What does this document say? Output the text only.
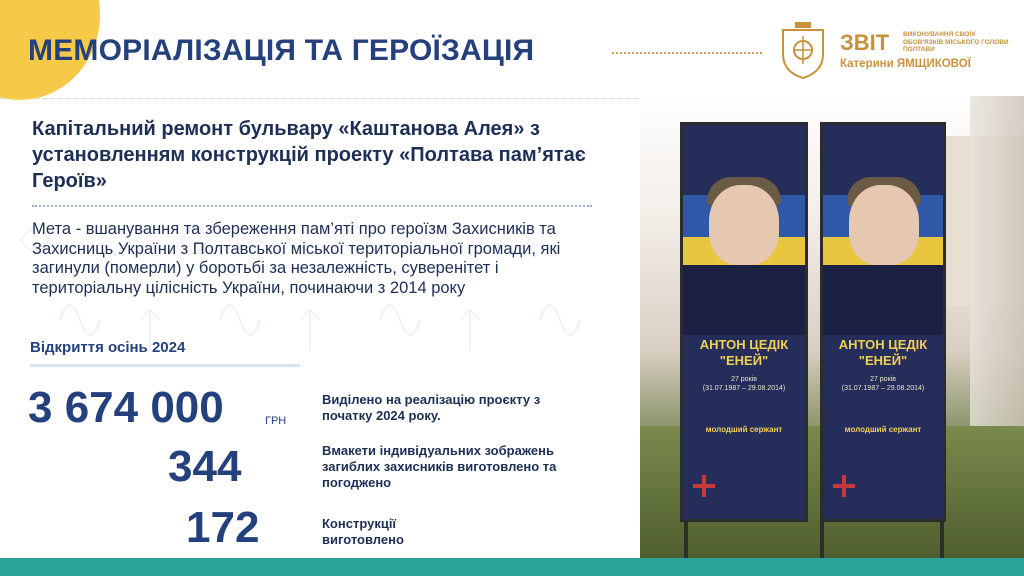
МЕМОРІАЛІЗАЦІЯ ТА ГЕРОЇЗАЦІЯ	ЗВІТ ВИКОНУВАННЯ СВОЇХ ОБОВ'ЯЗКІВ МІСЬКОГО ГОЛОВИ ПОЛТАВИ
Катерини ЯМЩИКОВОЇ
Капітальний ремонт бульвару «Каштанова Алея» з установленням конструкцій проекту «Полтава пам’ятає Героїв»
Мета - вшанування та збереження пам’яті про героїзм Захисників та Захисниць України з Полтавської міської територіальної громади, які загинули (померли) у боротьбі за незалежність, суверенітет і територіальну цілісність України, починаючи з 2014 року
Відкриття осінь 2024
3 674 000	ГРН
Виділено на реалізацію проєкту з початку 2024 року.
344	Вмакети індивідуальних зображень загиблих захисників виготовлено та погоджено
172	Конструкції виготовлено
АНТОН ЦЕДІК
"ЕНЕЙ"
27 років
(31.07.1987 – 29.08.2014)
молодший сержант
АНТОН ЦЕДІК
"ЕНЕЙ"
27 років
(31.07.1987 – 29.08.2014)
молодший сержант
